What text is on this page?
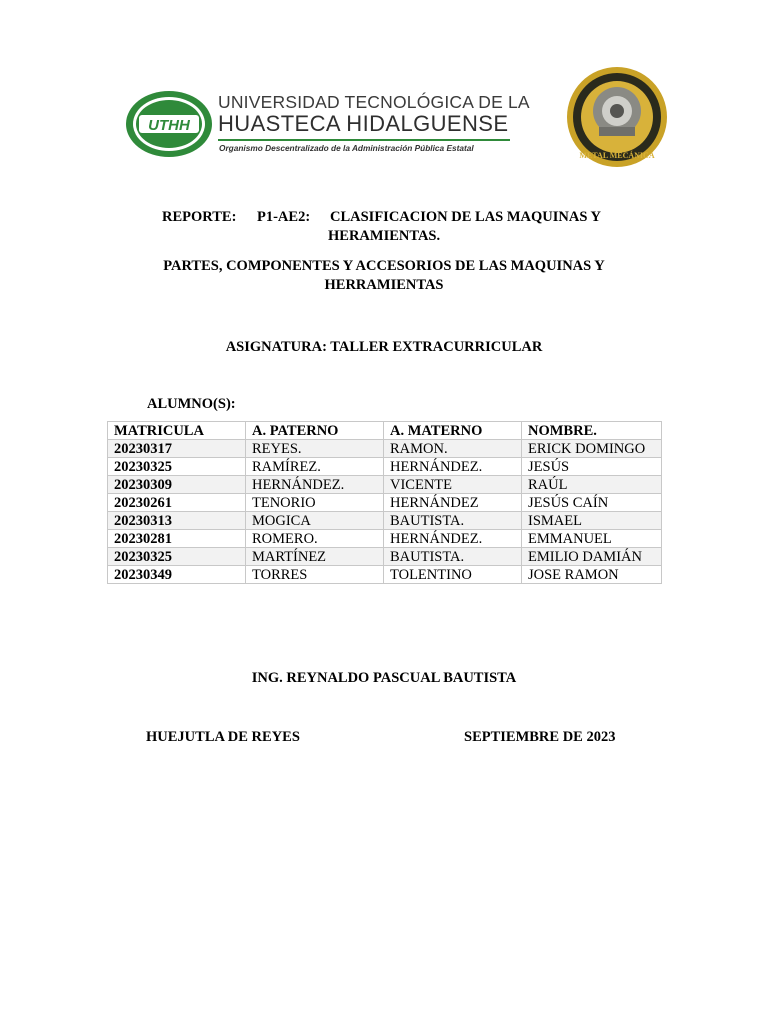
UTHH
UNIVERSIDAD TECNOLÓGICA DE LA
HUASTECA HIDALGUENSE
Organismo Descentralizado de la Administración Pública Estatal
METAL MECÁNICA
REPORTE: P1-AE2: CLASIFICACION DE LAS MAQUINAS Y
HERAMIENTAS.
PARTES, COMPONENTES Y ACCESORIOS DE LAS MAQUINAS Y
HERRAMIENTAS
ASIGNATURA: TALLER EXTRACURRICULAR
ALUMNO(S):
MATRICULA	A. PATERNO	A. MATERNO	NOMBRE.
20230317	REYES.	RAMON.	ERICK DOMINGO
20230325	RAMÍREZ.	HERNÁNDEZ.	JESÚS
20230309	HERNÁNDEZ.	VICENTE	RAÚL
20230261	TENORIO	HERNÁNDEZ	JESÚS CAÍN
20230313	MOGICA	BAUTISTA.	ISMAEL
20230281	ROMERO.	HERNÁNDEZ.	EMMANUEL
20230325	MARTÍNEZ	BAUTISTA.	EMILIO DAMIÁN
20230349	TORRES	TOLENTINO	JOSE RAMON
ING. REYNALDO PASCUAL BAUTISTA
HUEJUTLA DE REYES	SEPTIEMBRE DE 2023
